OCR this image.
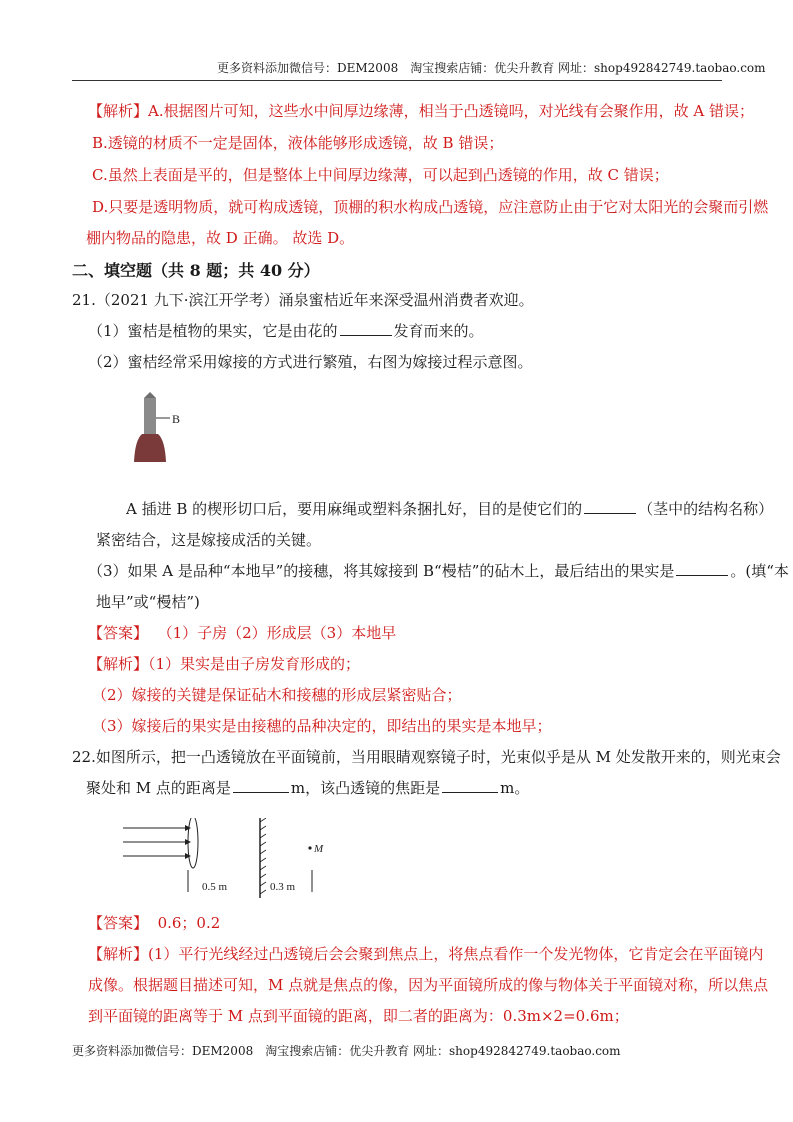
更多资料添加微信号：DEM2008　淘宝搜索店铺：优尖升教育 网址：shop492842749.taobao.com
【解析】A.根据图片可知，这些水中间厚边缘薄，相当于凸透镜吗，对光线有会聚作用，故 A 错误；
B.透镜的材质不一定是固体，液体能够形成透镜，故 B 错误；
C.虽然上表面是平的，但是整体上中间厚边缘薄，可以起到凸透镜的作用，故 C 错误；
D.只要是透明物质，就可构成透镜，顶棚的积水构成凸透镜，应注意防止由于它对太阳光的会聚而引燃
棚内物品的隐患，故 D 正确。 故选 D。
二、填空题（共 8 题；共 40 分）
21.（2021 九下·滨江开学考）涌泉蜜桔近年来深受温州消费者欢迎。
（1）蜜桔是植物的果实，它是由花的	发育而来的。
（2）蜜桔经常采用嫁接的方式进行繁殖，右图为嫁接过程示意图。
B
A 插进 B 的楔形切口后，要用麻绳或塑料条捆扎好，目的是使它们的	（茎中的结构名称）
紧密结合，这是嫁接成活的关键。
（3）如果 A 是品种“本地早”的接穗，将其嫁接到 B“槾桔”的砧木上，最后结出的果实是	。(填“本
地早”或“槾桔”)
【答案】 （1）子房（2）形成层（3）本地早
【解析】（1）果实是由子房发育形成的；
（2）嫁接的关键是保证砧木和接穗的形成层紧密贴合；
（3）嫁接后的果实是由接穗的品种决定的，即结出的果实是本地早；
22.如图所示，把一凸透镜放在平面镜前，当用眼睛观察镜子时，光束似乎是从 M 处发散开来的，则光束会
聚处和 M 点的距离是	m，该凸透镜的焦距是	m。
M
0.5 m	0.3 m
【答案】 0.6；0.2
【解析】(1）平行光线经过凸透镜后会会聚到焦点上，将焦点看作一个发光物体，它肯定会在平面镜内
成像。根据题目描述可知，M 点就是焦点的像，因为平面镜所成的像与物体关于平面镜对称，所以焦点
到平面镜的距离等于 M 点到平面镜的距离，即二者的距离为：0.3m×2=0.6m；
更多资料添加微信号：DEM2008　淘宝搜索店铺：优尖升教育 网址：shop492842749.taobao.com
